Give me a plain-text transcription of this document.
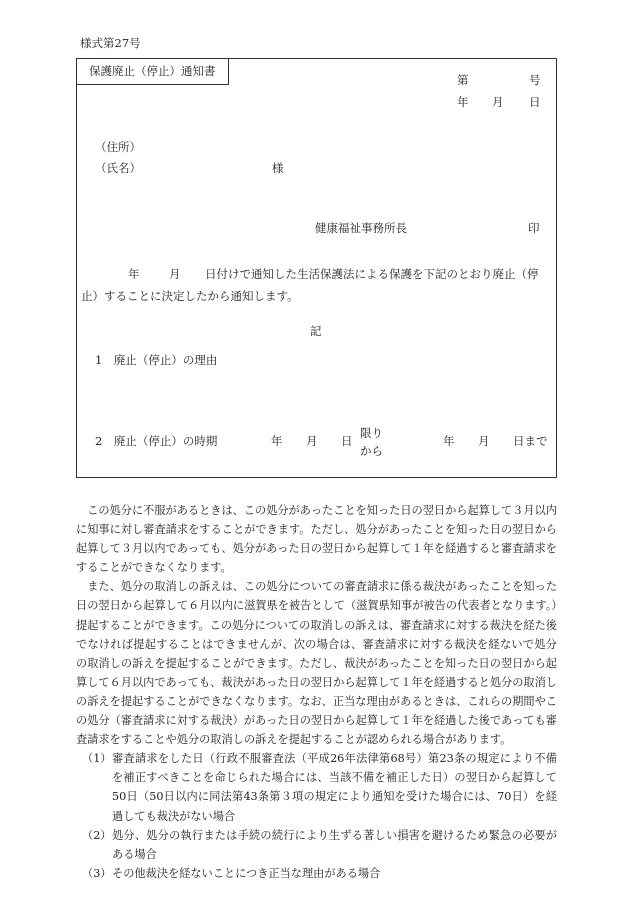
様式第27号
保護廃止（停止）通知書
第	号
年 月 日
（住所）
（氏名）	様
健康福祉事務所長	印
年	月 日付けで通知した生活保護法による保護を下記のとおり廃止（停
止）することに決定したから通知します。
記
1　廃止（停止）の理由
2　廃止（停止）の時期	年 月 日
限り
から
年 月 日まで

この処分に不服があるときは、この処分があったことを知った日の翌日から起算して３月以内に知事に対し審査請求をすることができます。ただし、処分があったことを知った日の翌日から起算して３月以内であっても、処分があった日の翌日から起算して１年を経過すると審査請求をすることができなくなります。

また、処分の取消しの訴えは、この処分についての審査請求に係る裁決があったことを知った日の翌日から起算して６月以内に滋賀県を被告として（滋賀県知事が被告の代表者となります。）提起することができます。この処分についての取消しの訴えは、審査請求に対する裁決を経た後でなければ提起することはできませんが、次の場合は、審査請求に対する裁決を経ないで処分の取消しの訴えを提起することができます。ただし、裁決があったことを知った日の翌日から起算して６月以内であっても、裁決があった日の翌日から起算して１年を経過すると処分の取消しの訴えを提起することができなくなります。なお、正当な理由があるときは、これらの期間やこの処分（審査請求に対する裁決）があった日の翌日から起算して１年を経過した後であっても審査請求をすることや処分の取消しの訴えを提起することが認められる場合があります。

（1） 審査請求をした日（行政不服審査法（平成26年法律第68号）第23条の規定により不備を補正すべきことを命じられた場合には、当該不備を補正した日）の翌日から起算して50日（50日以内に同法第43条第３項の規定により通知を受けた場合には、70日）を経過しても裁決がない場合
（2） 処分、処分の執行または手続の続行により生ずる著しい損害を避けるため緊急の必要がある場合
（3） その他裁決を経ないことにつき正当な理由がある場合
